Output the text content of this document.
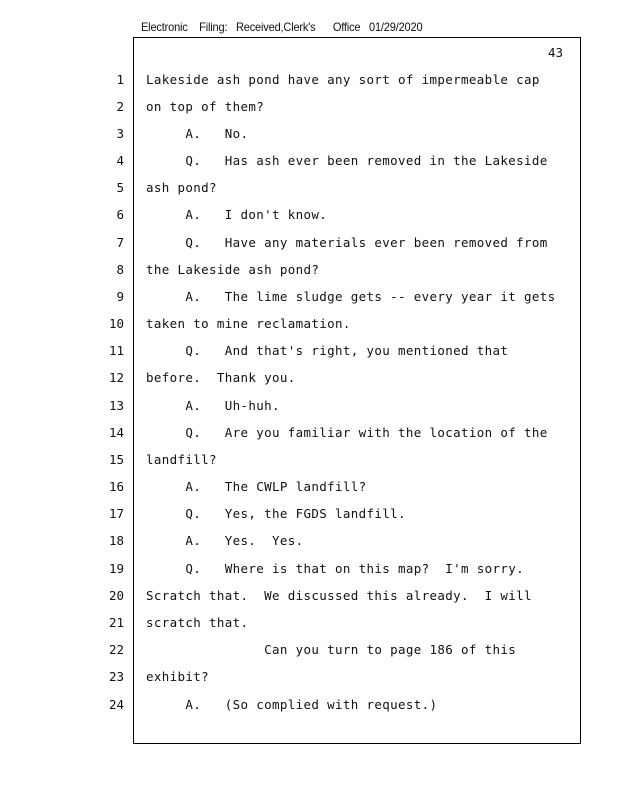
Electronic    Filing:   Received,Clerk's      Office   01/29/2020
43
1 Lakeside ash pond have any sort of impermeable cap
2 on top of them?
3 A.   No.
4 Q.   Has ash ever been removed in the Lakeside
5 ash pond?
6 A.   I don't know.
7 Q.   Have any materials ever been removed from
8 the Lakeside ash pond?
9 A.   The lime sludge gets -- every year it gets
10 taken to mine reclamation.
11 Q.   And that's right, you mentioned that
12 before.  Thank you.
13 A.   Uh-huh.
14 Q.   Are you familiar with the location of the
15 landfill?
16 A.   The CWLP landfill?
17 Q.   Yes, the FGDS landfill.
18 A.   Yes.  Yes.
19 Q.   Where is that on this map?  I'm sorry.
20 Scratch that.  We discussed this already.  I will
21 scratch that.
22 Can you turn to page 186 of this
23 exhibit?
24 A.   (So complied with request.)
